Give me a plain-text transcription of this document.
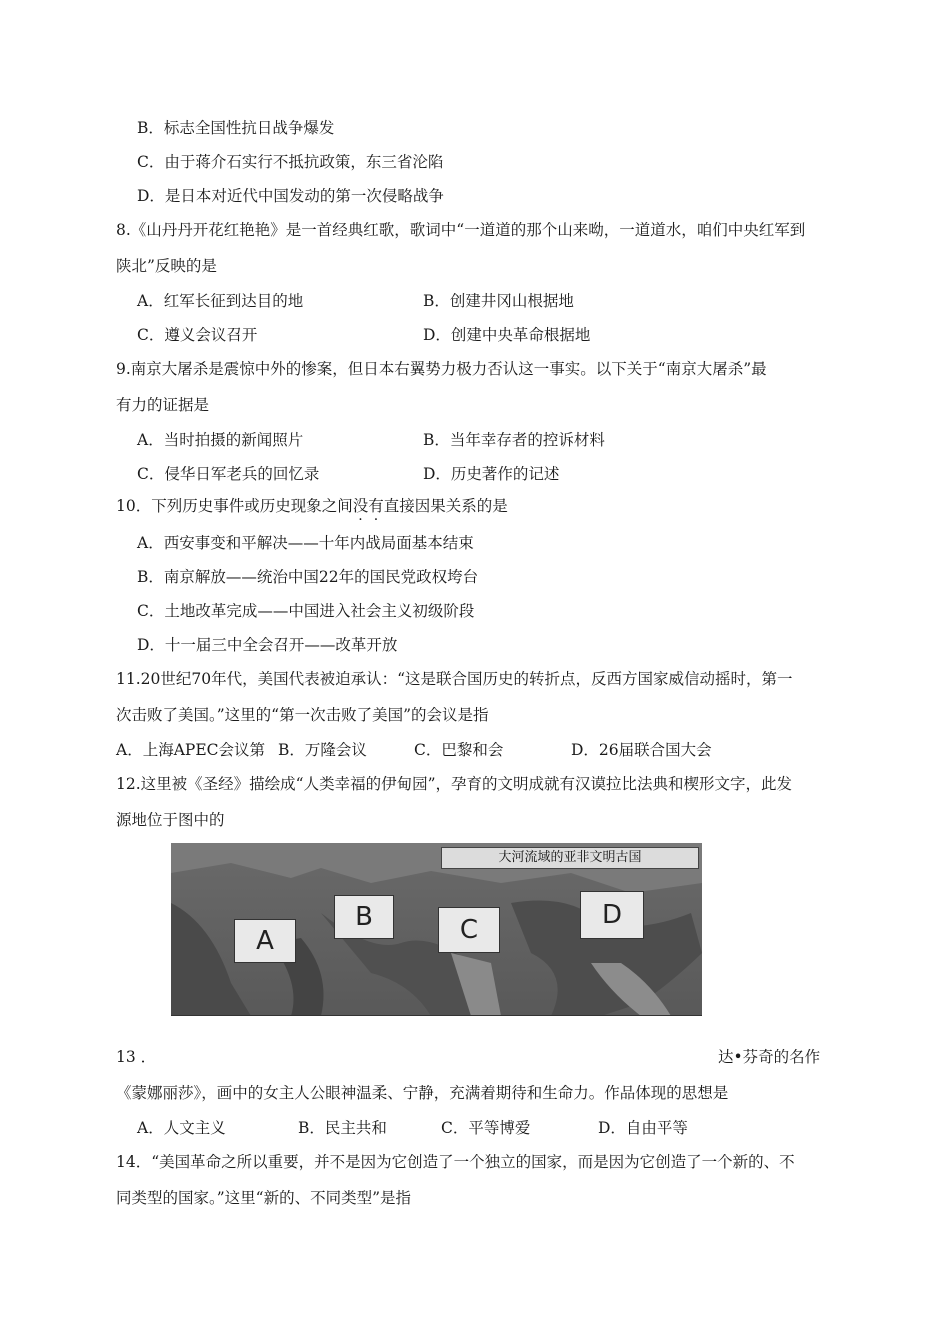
B．标志全国性抗日战争爆发
C．由于蒋介石实行不抵抗政策，东三省沦陷
D．是日本对近代中国发动的第一次侵略战争
8.《山丹丹开花红艳艳》是一首经典红歌，歌词中“一道道的那个山来呦，一道道水，咱们中央红军到
陕北”反映的是
A．红军长征到达目的地	B．创建井冈山根据地
C．遵义会议召开	D．创建中央革命根据地
9.南京大屠杀是震惊中外的惨案，但日本右翼势力极力否认这一事实。以下关于“南京大屠杀”最
有力的证据是
A．当时拍摄的新闻照片	B．当年幸存者的控诉材料
C．侵华日军老兵的回忆录	D．历史著作的记述
10．下列历史事件或历史现象之间没有直接因果关系的是
A．西安事变和平解决——十年内战局面基本结束
B．南京解放——统治中国22年的国民党政权垮台
C．土地改革完成——中国进入社会主义初级阶段
D．十一届三中全会召开——改革开放
11.20世纪70年代，美国代表被迫承认：“这是联合国历史的转折点，反西方国家威信动摇时，第一
次击败了美国。”这里的“第一次击败了美国”的会议是指
A．上海APEC会议第 B．万隆会议	C．巴黎和会	D．26届联合国大会
12.这里被《圣经》描绘成“人类幸福的伊甸园”，孕育的文明成就有汉谟拉比法典和楔形文字，此发
源地位于图中的
大河流域的亚非文明古国
A
B	C	D
13 ．	达•芬奇的名作
《蒙娜丽莎》，画中的女主人公眼神温柔、宁静，充满着期待和生命力。作品体现的思想是
A．人文主义	B．民主共和	C．平等博爱	D．自由平等
14．“美国革命之所以重要，并不是因为它创造了一个独立的国家，而是因为它创造了一个新的、不
同类型的国家。”这里“新的、不同类型”是指
